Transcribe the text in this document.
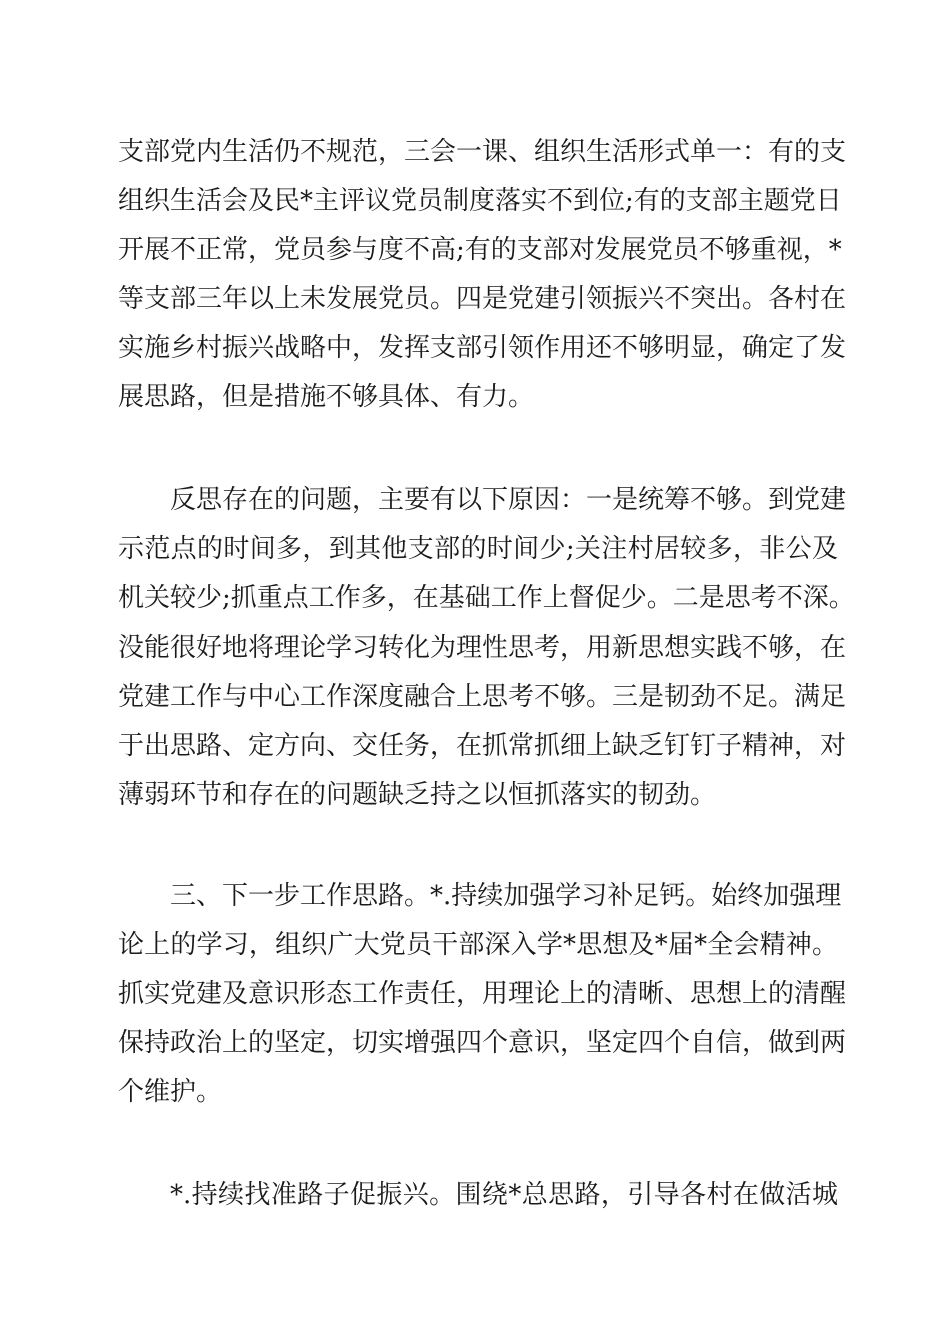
支部党内生活仍不规范，三会一课、组织生活形式单一：有的支
组织生活会及民*主评议党员制度落实不到位;有的支部主题党日
开展不正常，党员参与度不高;有的支部对发展党员不够重视，*
等支部三年以上未发展党员。四是党建引领振兴不突出。各村在
实施乡村振兴战略中，发挥支部引领作用还不够明显，确定了发
展思路，但是措施不够具体、有力。
反思存在的问题，主要有以下原因：一是统筹不够。到党建
示范点的时间多，到其他支部的时间少;关注村居较多，非公及
机关较少;抓重点工作多，在基础工作上督促少。二是思考不深。
没能很好地将理论学习转化为理性思考，用新思想实践不够，在
党建工作与中心工作深度融合上思考不够。三是韧劲不足。满足
于出思路、定方向、交任务，在抓常抓细上缺乏钉钉子精神，对
薄弱环节和存在的问题缺乏持之以恒抓落实的韧劲。
三、下一步工作思路。*.持续加强学习补足钙。始终加强理
论上的学习，组织广大党员干部深入学*思想及*届*全会精神。
抓实党建及意识形态工作责任，用理论上的清晰、思想上的清醒
保持政治上的坚定，切实增强四个意识，坚定四个自信，做到两
个维护。
*.持续找准路子促振兴。围绕*总思路，引导各村在做活城
